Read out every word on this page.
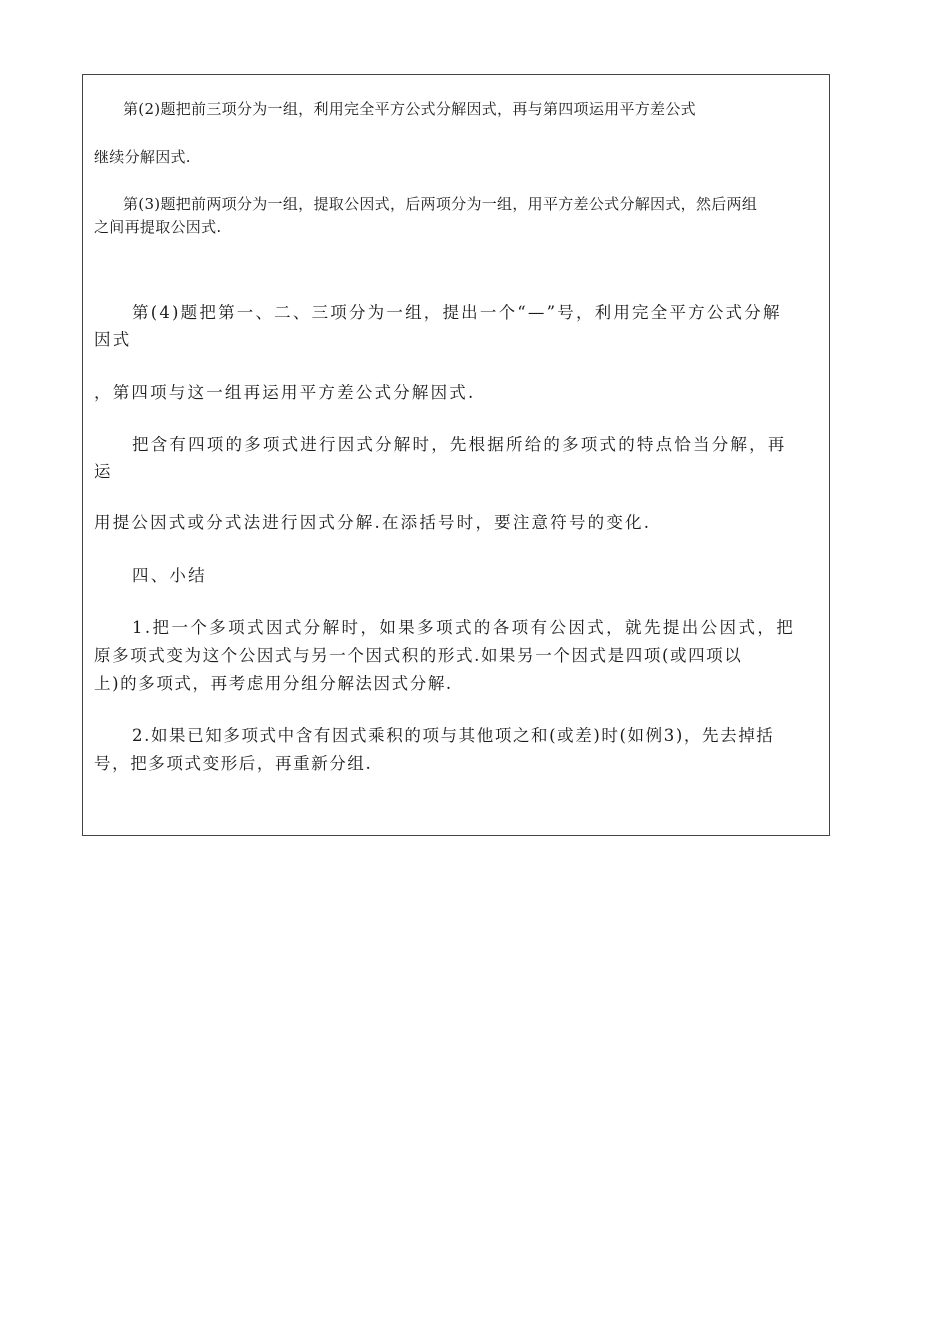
第(2)题把前三项分为一组，利用完全平方公式分解因式，再与第四项运用平方差公式
继续分解因式.
第(3)题把前两项分为一组，提取公因式，后两项分为一组，用平方差公式分解因式，然后两组
之间再提取公因式.
第(4)题把第一、二、三项分为一组，提出一个“—”号，利用完全平方公式分解
因式
，第四项与这一组再运用平方差公式分解因式.
把含有四项的多项式进行因式分解时，先根据所给的多项式的特点恰当分解，再
运
用提公因式或分式法进行因式分解.在添括号时，要注意符号的变化.
四、小结
1.把一个多项式因式分解时，如果多项式的各项有公因式，就先提出公因式，把
原多项式变为这个公因式与另一个因式积的形式.如果另一个因式是四项(或四项以
上)的多项式，再考虑用分组分解法因式分解.
2.如果已知多项式中含有因式乘积的项与其他项之和(或差)时(如例3)，先去掉括
号，把多项式变形后，再重新分组.
